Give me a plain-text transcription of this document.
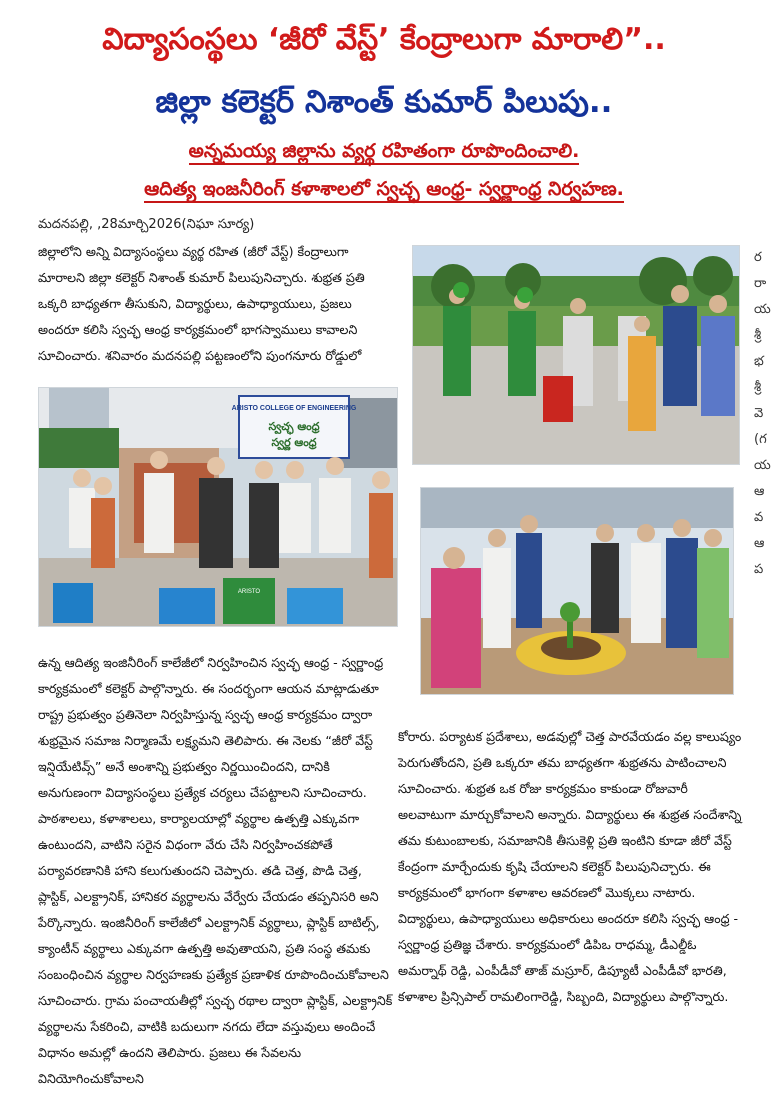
విద్యాసంస్థలు ‘జీరో వేస్ట్’ కేంద్రాలుగా మారాలి”..
జిల్లా కలెక్టర్ నిశాంత్ కుమార్ పిలుపు..
అన్నమయ్య జిల్లాను వ్యర్థ రహితంగా రూపొందించాలి.
ఆదిత్య ఇంజనీరింగ్ కళాశాలలో స్వచ్ఛ ఆంధ్ర- స్వర్ణాంధ్ర నిర్వహణ.
మదనపల్లి, ,28మార్చి2026(నిఘా సూర్య)

జిల్లాలోని అన్ని విద్యాసంస్థలు వ్యర్థ రహిత (జీరో వేస్ట్) కేంద్రాలుగా మారాలని జిల్లా కలెక్టర్ నిశాంత్ కుమార్ పిలుపునిచ్చారు. శుభ్రత ప్రతి ఒక్కరి బాధ్యతగా తీసుకుని, విద్యార్థులు, ఉపాధ్యాయులు, ప్రజలు అందరూ కలిసి స్వచ్ఛ ఆంధ్ర కార్యక్రమంలో భాగస్వాములు కావాలని సూచించారు. శనివారం మదనపల్లి పట్టణంలోని పుంగనూరు రోడ్డులో

ARISTO COLLEGE OF ENGINEERING
స్వచ్ఛ ఆంధ్ర
స్వర్ణ ఆంధ్ర
ARISTO

ఉన్న ఆదిత్య ఇంజినీరింగ్ కాలేజీలో నిర్వహించిన స్వచ్ఛ ఆంధ్ర - స్వర్ణాంధ్ర కార్యక్రమంలో కలెక్టర్ పాల్గొన్నారు. ఈ సందర్భంగా ఆయన మాట్లాడుతూ రాష్ట్ర ప్రభుత్వం ప్రతినెలా నిర్వహిస్తున్న స్వచ్ఛ ఆంధ్ర కార్యక్రమం ద్వారా శుభ్రమైన సమాజ నిర్మాణమే లక్ష్యమని తెలిపారు. ఈ నెలకు “జీరో వేస్ట్ ఇన్షియేటివ్స్” అనే అంశాన్ని ప్రభుత్వం నిర్ణయించిందని, దానికి అనుగుణంగా విద్యాసంస్థలు ప్రత్యేక చర్యలు చేపట్టాలని సూచించారు. పాఠశాలలు, కళాశాలలు, కార్యాలయాల్లో వ్యర్థాల ఉత్పత్తి ఎక్కువగా ఉంటుందని, వాటిని సరైన విధంగా వేరు చేసి నిర్వహించకపోతే పర్యావరణానికి హాని కలుగుతుందని చెప్పారు. తడి చెత్త, పొడి చెత్త, ప్లాస్టిక్, ఎలక్ట్రానిక్, హానికర వ్యర్థాలను వేర్వేరు చేయడం తప్పనిసరి అని పేర్కొన్నారు. ఇంజినీరింగ్ కాలేజీలో ఎలక్ట్రానిక్ వ్యర్థాలు, ప్లాస్టిక్ బాటిల్స్, క్యాంటీన్ వ్యర్థాలు ఎక్కువగా ఉత్పత్తి అవుతాయని, ప్రతి సంస్థ తమకు సంబంధించిన వ్యర్థాల నిర్వహణకు ప్రత్యేక ప్రణాళిక రూపొందించుకోవాలని సూచించారు. గ్రామ పంచాయతీల్లో స్వచ్ఛ రథాల ద్వారా ప్లాస్టిక్, ఎలక్ట్రానిక్ వ్యర్థాలను సేకరించి, వాటికి బదులుగా నగదు లేదా వస్తువులు అందించే విధానం అమల్లో ఉందని తెలిపారు. ప్రజలు ఈ సేవలను వినియోగించుకోవాలని

కోరారు. పర్యాటక ప్రదేశాలు, అడవుల్లో చెత్త పారవేయడం వల్ల కాలుష్యం పెరుగుతోందని, ప్రతి ఒక్కరూ తమ బాధ్యతగా శుభ్రతను పాటించాలని సూచించారు. శుభ్రత ఒక రోజు కార్యక్రమం కాకుండా రోజువారీ అలవాటుగా మార్చుకోవాలని అన్నారు. విద్యార్థులు ఈ శుభ్రత సందేశాన్ని తమ కుటుంబాలకు, సమాజానికి తీసుకెళ్లి ప్రతి ఇంటిని కూడా జీరో వేస్ట్ కేంద్రంగా మార్చేందుకు కృషి చేయాలని కలెక్టర్ పిలుపునిచ్చారు. ఈ కార్యక్రమంలో భాగంగా కళాశాల ఆవరణలో మొక్కలు నాటారు. విద్యార్థులు, ఉపాధ్యాయులు అధికారులు అందరూ కలిసి స్వచ్ఛ ఆంధ్ర - స్వర్ణాంధ్ర ప్రతిజ్ఞ చేశారు. కార్యక్రమంలో డిపిఒ రాధమ్మ, డీఎల్డీఓ అమర్నాథ్ రెడ్డి, ఎంపీడీవో తాజ్ మస్రూర్, డిప్యూటీ ఎంపీడీవో భారతి, కళాశాల ప్రిన్సిపాల్ రామలింగారెడ్డి, సిబ్బంది, విద్యార్థులు పాల్గొన్నారు.

ర
రా
య
శ్రీ
భ
శ్రీ
వె
(గ
య
ఆ
వ
ఆ
ప
